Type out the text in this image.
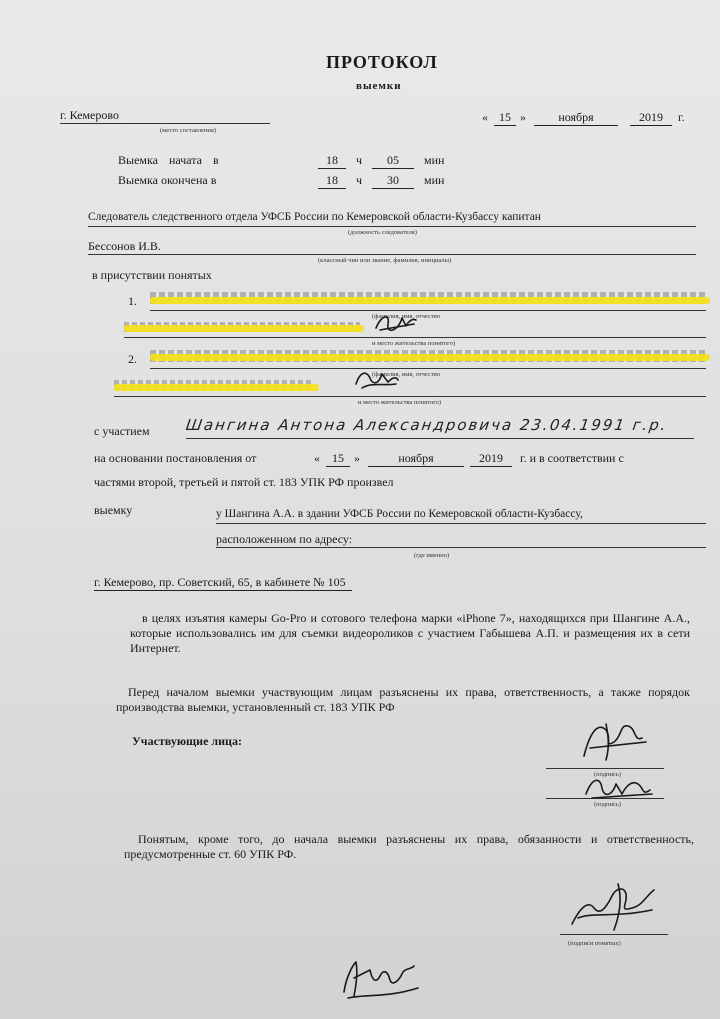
ПРОТОКОЛ
выемки
г. Кемерово
(место составления)
« 15 »	ноября	2019	г.
Выемка начата в	18	ч	05	мин
Выемка окончена в	18	ч	30	мин
Следователь следственного отдела УФСБ России по Кемеровской области-Кузбассу капитан
(должность следователя)
Бессонов И.В.
(классный чин или звание, фамилия, инициалы)
в присутствии понятых
1.
(фамилия, имя, отчество
и место жительства понятого)
2.
(фамилия, имя, отчество
и место жительства понятого)
с участием Шангина Антона Александровича 23.04.1991 г.р.
на основании постановления от	«	15 »	ноября	2019	г. и в соответствии с
частями второй, третьей и пятой ст. 183 УПК РФ произвел
выемку	у Шангина А.А. в здании УФСБ России по Кемеровской области-Кузбассу,
расположенном по адресу:
(где именно)
г. Кемерово, пр. Советский, 65, в кабинете № 105
в целях изъятия камеры Go-Pro и сотового телефона марки «iPhone 7», находящихся при Шангине А.А., которые использовались им для съемки видеороликов с участием Габышева А.П. и размещения их в сети Интернет.
Перед началом выемки участвующим лицам разъяснены их права, ответственность, а также порядок производства выемки, установленный ст. 183 УПК РФ
Участвующие лица:
(подпись)
(подпись)
Понятым, кроме того, до начала выемки разъяснены их права, обязанности и ответственность, предусмотренные ст. 60 УПК РФ.
(подписи понятых)
